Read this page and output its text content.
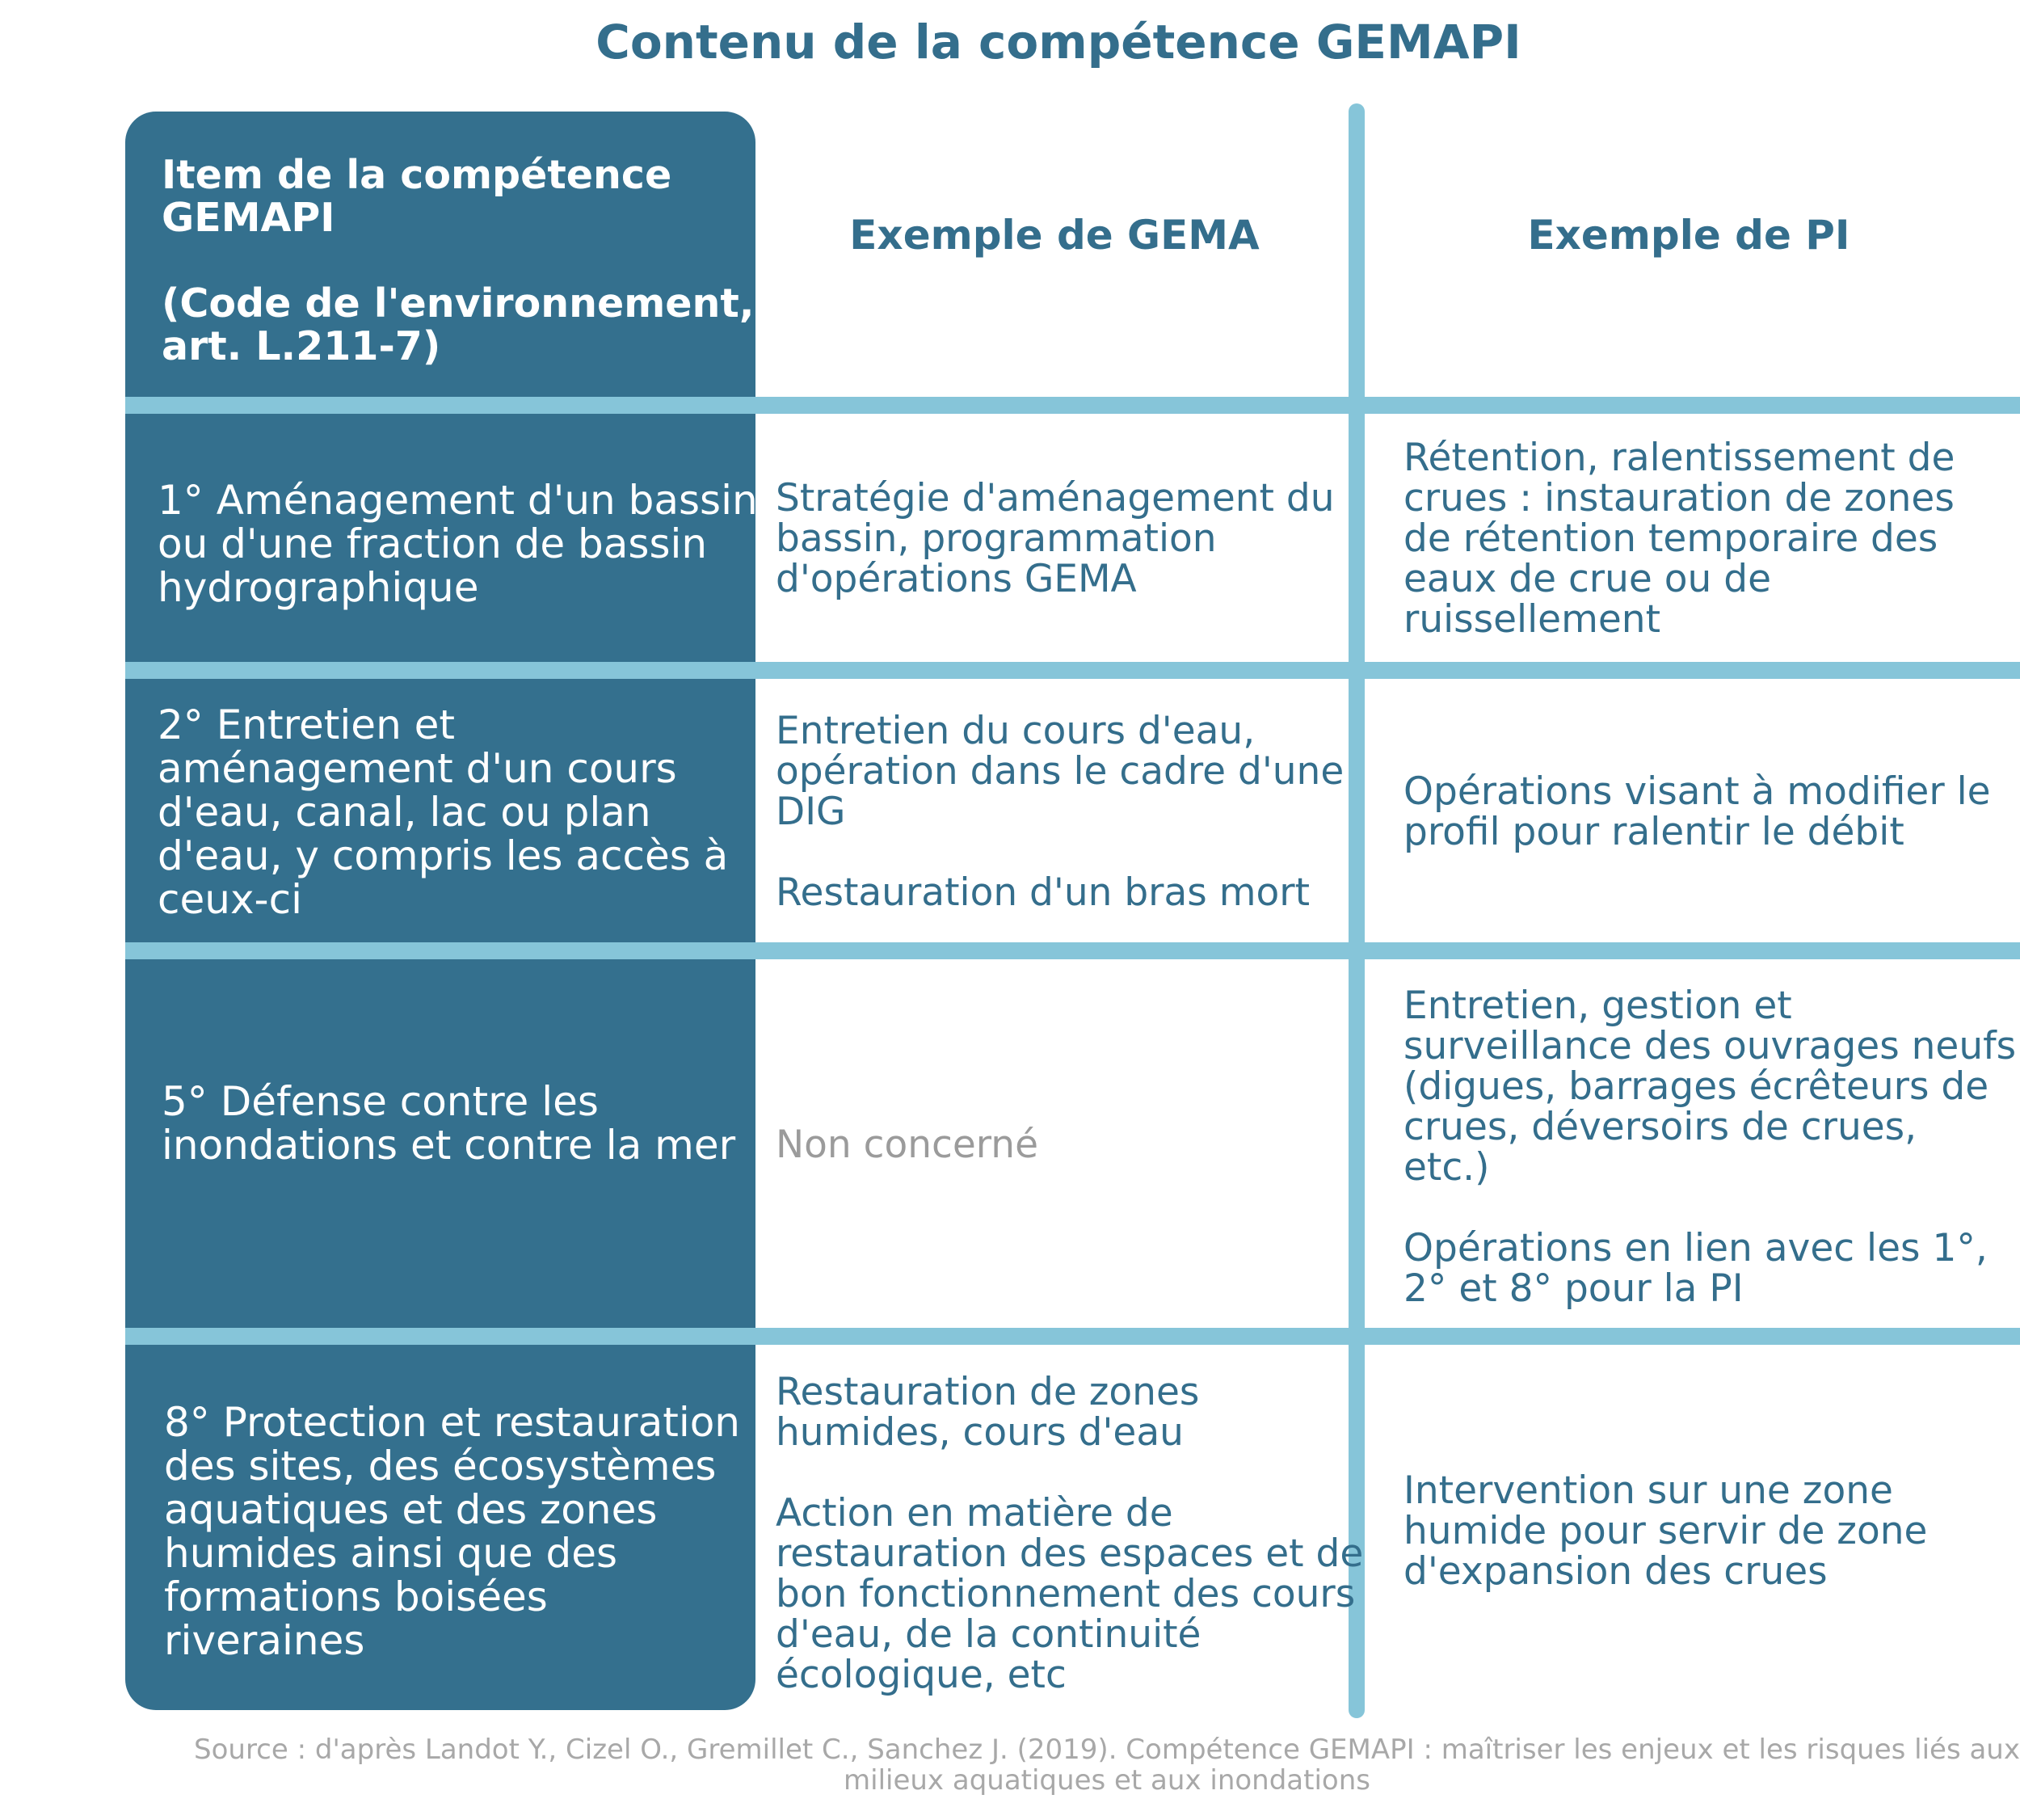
Contenu de la compétence GEMAPI
Item de la compétence
GEMAPI

(Code de l'environnement,
art. L.211-7)
Exemple de GEMA	Exemple de PI
1° Aménagement d'un bassin
ou d'une fraction de bassin
hydrographique
Stratégie d'aménagement du
bassin, programmation
d'opérations GEMA
Rétention, ralentissement de
crues : instauration de zones
de rétention temporaire des
eaux de crue ou de
ruissellement
2° Entretien et
aménagement d'un cours
d'eau, canal, lac ou plan
d'eau, y compris les accès à
ceux-ci
Entretien du cours d'eau,
opération dans le cadre d'une
DIG

Restauration d'un bras mort
Opérations visant à modifier le
profil pour ralentir le débit
5° Défense contre les
inondations et contre la mer Non concerné
Entretien, gestion et
surveillance des ouvrages neufs
(digues, barrages écrêteurs de
crues, déversoirs de crues,
etc.)

Opérations en lien avec les 1°,
2° et 8° pour la PI
8° Protection et restauration
des sites, des écosystèmes
aquatiques et des zones
humides ainsi que des
formations boisées
riveraines
Restauration de zones
humides, cours d'eau

Action en matière de
restauration des espaces et de
bon fonctionnement des cours
d'eau, de la continuité
écologique, etc
Intervention sur une zone
humide pour servir de zone
d'expansion des crues
Source : d'après Landot Y., Cizel O., Gremillet C., Sanchez J. (2019). Compétence GEMAPI : maîtriser les enjeux et les risques liés aux
milieux aquatiques et aux inondations
